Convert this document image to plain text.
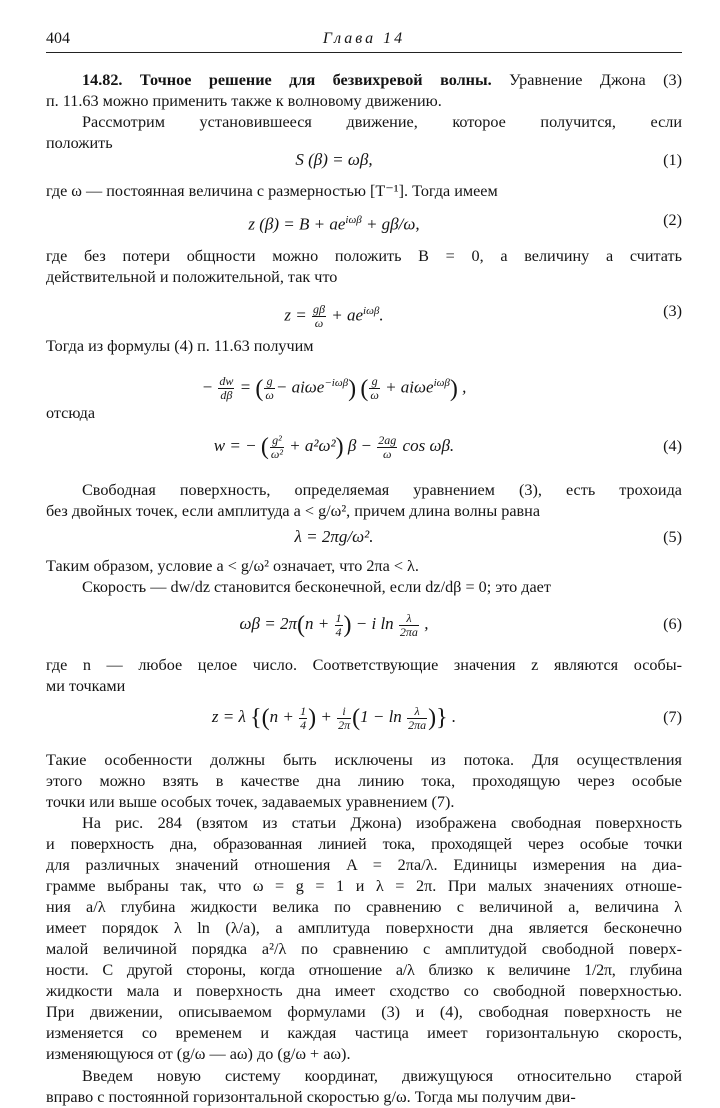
404	Глава 14
14.82. Точное решение для безвихревой волны. Уравнение Джона (3)
п. 11.63 можно применить также к волновому движению.
Рассмотрим установившееся движение, которое получится, если
положить
S (β) = ωβ,	(1)
где ω — постоянная величина с размерностью [T⁻¹]. Тогда имеем
z $(\beta) = B + ae^{i\omega\beta} + g\beta/\omega$,	(2)
где без потери общности можно положить B = 0, а величину a считать
действительной и положительной, так что
$z = \frac{g\beta}{\omega} + ae^{i\omega\beta}$.	(3)
Тогда из формулы (4) п. 11.63 получим
− $\frac{dw}{d\beta}$ = ( $\frac{g}{\omega} - ai\omega e^{-i\omega\beta}$) ( $\frac{g}{\omega} + ai\omega e^{i\omega\beta}$) ,
отсюда
w = − ( $\frac{\text{g²}}{\text{ω²}} + a^2\omega^2$) $\beta - \frac{2ag}{\omega}$ cos ωβ.	(4)
Свободная поверхность, определяемая уравнением (3), есть трохоида
без двойных точек, если амплитуда a < g/ω², причем длина волны равна
λ = 2πg/ω².	(5)
Таким образом, условие a < g/ω² означает, что 2πa < λ.
Скорость — dw/dz становится бесконечной, если dz/dβ = 0; это дает
$\omega\beta = 2\pi(n + \frac{1}{4}$ ) − i $\ln \frac{\lambda}{2\pi a}$ ,	(6)
где n — любое целое число. Соответствующие значения z являются особы-
ми точками
z = λ {($n + \frac{1}{4}$ ) + $\frac{i}{2\pi} (1 - \ln \frac{\lambda}{2\pi a}$ )} .	(7)
Такие особенности должны быть исключены из потока. Для осуществления
этого можно взять в качестве дна линию тока, проходящую через особые
точки или выше особых точек, задаваемых уравнением (7).
На рис. 284 (взятом из статьи Джона) изображена свободная поверхность
и поверхность дна, образованная линией тока, проходящей через особые точки
для различных значений отношения A = 2πa/λ. Единицы измерения на диа-
грамме выбраны так, что ω = g = 1 и λ = 2π. При малых значениях отноше-
ния a/λ глубина жидкости велика по сравнению с величиной a, величина λ
имеет порядок λ ln (λ/a), а амплитуда поверхности дна является бесконечно
малой величиной порядка a²/λ по сравнению с амплитудой свободной поверх-
ности. С другой стороны, когда отношение a/λ близко к величине 1/2π, глубина
жидкости мала и поверхность дна имеет сходство со свободной поверхностью.
При движении, описываемом формулами (3) и (4), свободная поверхность не
изменяется со временем и каждая частица имеет горизонтальную скорость,
изменяющуюся от (g/ω — aω) до (g/ω + aω).
Введем новую систему координат, движущуюся относительно старой
вправо с постоянной горизонтальной скоростью g/ω. Тогда мы получим дви-
